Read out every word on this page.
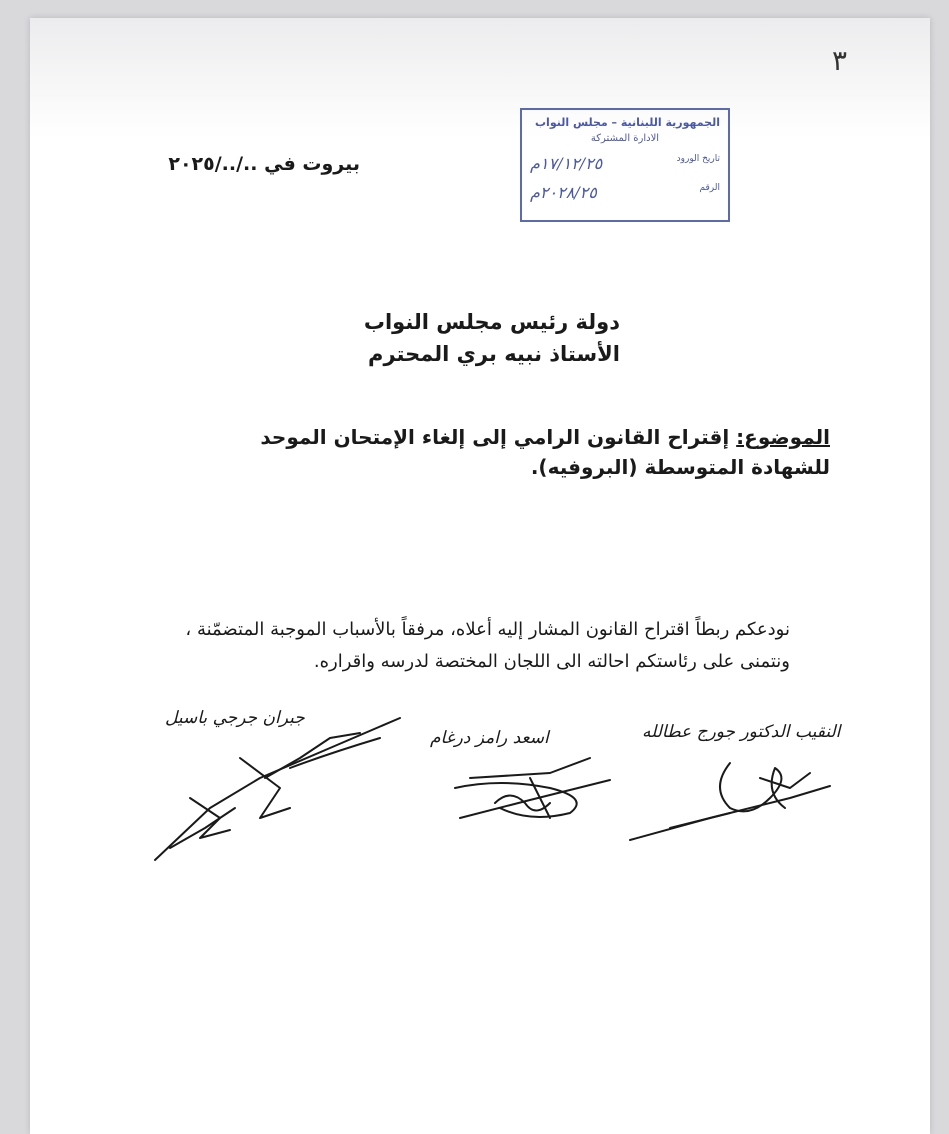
٣
الجمهورية اللبنانية – مجلس النواب
الادارة المشتركة
تاريخ الورود
١٧/١٢/٢٥م
الرقم
٢٠٢٨/٢٥م

بيروت في ../../٢٠٢٥

دولة رئيس مجلس النواب

الأستاذ نبيه بري المحترم

الموضوع: إقتراح القانون الرامي إلى إلغاء الإمتحان الموحد للشهادة المتوسطة (البروفيه).

نودعكم ربطاً اقتراح القانون المشار إليه أعلاه، مرفقاً بالأسباب الموجبة المتضمّنة ، ونتمنى على رئاستكم احالته الى اللجان المختصة لدرسه واقراره.

جبران جرجي باسيل
اسعد رامز درغام	النقيب الدكتور جورج عطالله
